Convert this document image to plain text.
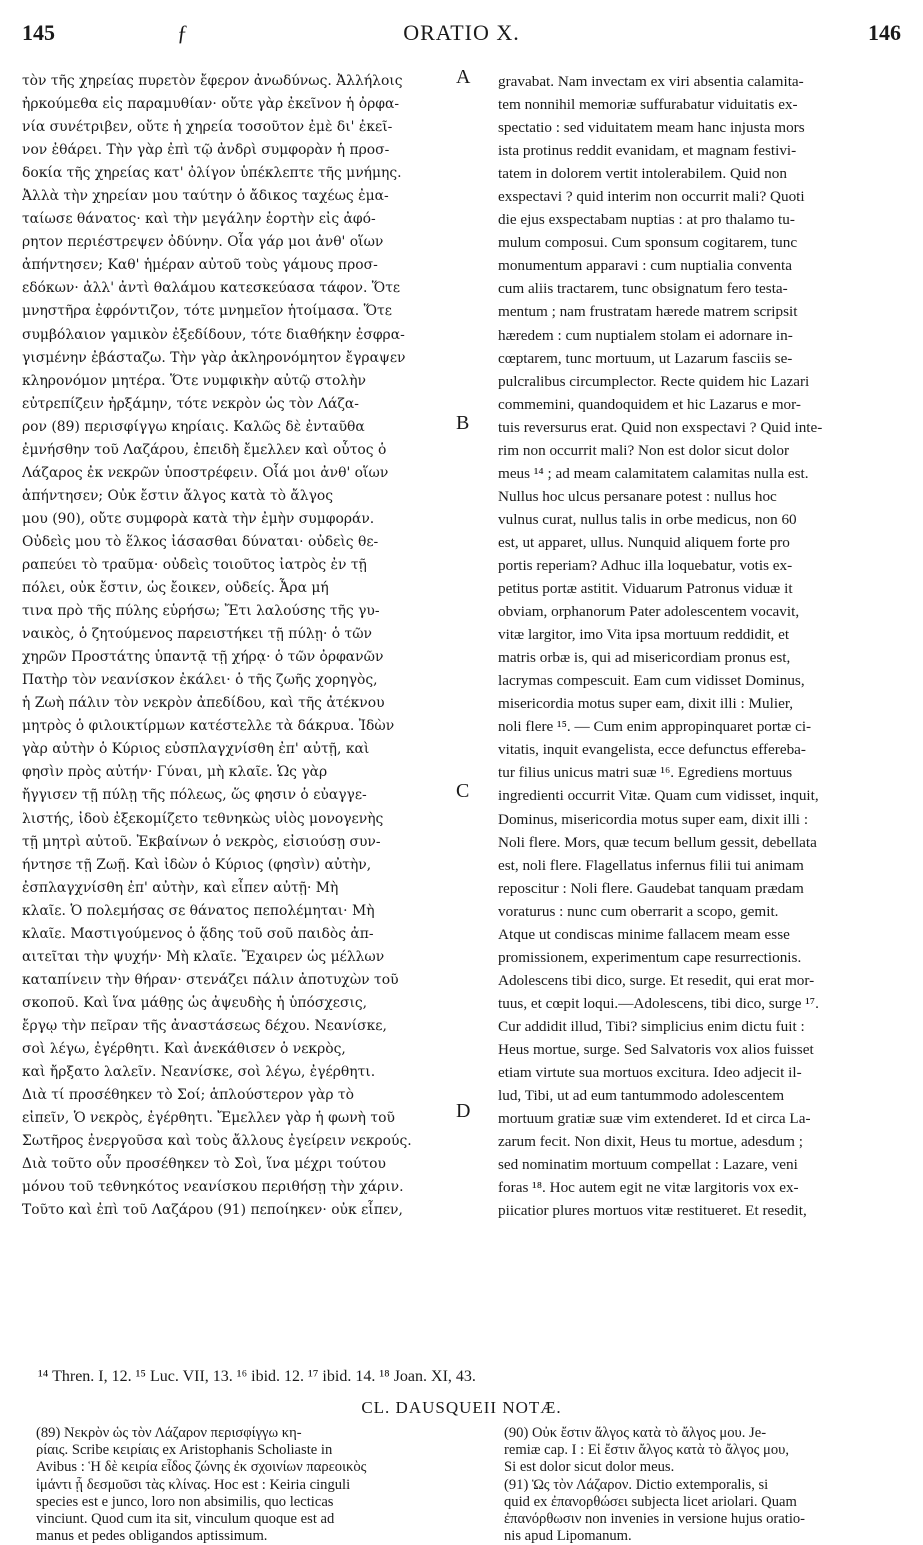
145	ƒ	ORATIO X.	146
τὸν τῆς χηρείας πυρετὸν ἔφερον ἀνωδύνως. Ἀλλήλοις
ἠρκούμεθα εἰς παραμυθίαν· οὔτε γὰρ ἐκεῖνον ἡ ὀρφα-
νία συνέτριβεν, οὔτε ἡ χηρεία τοσοῦτον ἐμὲ δι' ἐκεῖ-
νον ἐθάρει. Τὴν γὰρ ἐπὶ τῷ ἀνδρὶ συμφορὰν ἡ προσ-
δοκία τῆς χηρείας κατ' ὀλίγον ὑπέκλεπτε τῆς μνήμης.
Ἀλλὰ τὴν χηρείαν μου ταύτην ὁ ἄδικος ταχέως ἐμα-
ταίωσε θάνατος· καὶ τὴν μεγάλην ἑορτὴν εἰς ἀφό-
ρητον περιέστρεψεν ὀδύνην. Οἷα γάρ μοι ἀνθ' οἵων
ἀπήντησεν; Καθ' ἡμέραν αὐτοῦ τοὺς γάμους προσ-
εδόκων· ἀλλ' ἀντὶ θαλάμου κατεσκεύασα τάφον. Ὅτε
μνηστῆρα ἐφρόντιζον, τότε μνημεῖον ἡτοίμασα. Ὅτε
συμβόλαιον γαμικὸν ἐξεδίδουν, τότε διαθήκην ἐσφρα-
γισμένην ἐβάσταζω. Τὴν γὰρ ἀκληρονόμητον ἔγραψεν
κληρονόμον μητέρα. Ὅτε νυμφικὴν αὐτῷ στολὴν
εὐτρεπίζειν ἠρξάμην, τότε νεκρὸν ὡς τὸν Λάζα-
ρον (89) περισφίγγω κηρίαις. Καλῶς δὲ ἐνταῦθα
ἐμνήσθην τοῦ Λαζάρου, ἐπειδὴ ἔμελλεν καὶ οὗτος ὁ
Λάζαρος ἐκ νεκρῶν ὑποστρέφειν. Οἷά μοι ἀνθ' οἵων
ἀπήντησεν; Οὐκ ἔστιν ἄλγος κατὰ τὸ ἄλγος
μου (90), οὔτε συμφορὰ κατὰ τὴν ἐμὴν συμφοράν.
Οὐδεὶς μου τὸ ἕλκος ἰάσασθαι δύναται· οὐδεὶς θε-
ραπεύει τὸ τραῦμα· οὐδεὶς τοιοῦτος ἰατρὸς ἐν τῇ
πόλει, οὐκ ἔστιν, ὡς ἔοικεν, οὐδείς. Ἆρα μή
τινα πρὸ τῆς πύλης εὑρήσω; Ἔτι λαλούσης τῆς γυ-
ναικὸς, ὁ ζητούμενος παρειστήκει τῇ πύλῃ· ὁ τῶν
χηρῶν Προστάτης ὑπαντᾷ τῇ χήρᾳ· ὁ τῶν ὀρφανῶν
Πατὴρ τὸν νεανίσκον ἐκάλει· ὁ τῆς ζωῆς χορηγὸς,
ἡ Ζωὴ πάλιν τὸν νεκρὸν ἀπεδίδου, καὶ τῆς ἀτέκνου
μητρὸς ὁ φιλοικτίρμων κατέστελλε τὰ δάκρυα. Ἰδὼν
γὰρ αὐτὴν ὁ Κύριος εὐσπλαγχνίσθη ἐπ' αὐτῇ, καὶ
φησὶν πρὸς αὐτήν· Γύναι, μὴ κλαῖε. Ὡς γὰρ
ἤγγισεν τῇ πύλῃ τῆς πόλεως, ὥς φησιν ὁ εὐαγγε-
λιστής, ἰδοὺ ἐξεκομίζετο τεθνηκὼς υἱὸς μονογενὴς
τῇ μητρὶ αὐτοῦ. Ἐκβαίνων ὁ νεκρὸς, εἰσιούσῃ συν-
ήντησε τῇ Ζωῇ. Καὶ ἰδὼν ὁ Κύριος (φησὶν) αὐτὴν,
ἐσπλαγχνίσθη ἐπ' αὐτὴν, καὶ εἶπεν αὐτῇ· Μὴ
κλαῖε. Ὁ πολεμήσας σε θάνατος πεπολέμηται· Μὴ
κλαῖε. Μαστιγούμενος ὁ ᾅδης τοῦ σοῦ παιδὸς ἀπ-
αιτεῖται τὴν ψυχήν· Μὴ κλαῖε. Ἔχαιρεν ὡς μέλλων
καταπίνειν τὴν θήραν· στενάζει πάλιν ἀποτυχὼν τοῦ
σκοποῦ. Καὶ ἵνα μάθῃς ὡς ἀψευδὴς ἡ ὑπόσχεσις,
ἔργῳ τὴν πεῖραν τῆς ἀναστάσεως δέχου. Νεανίσκε,
σοὶ λέγω, ἐγέρθητι. Καὶ ἀνεκάθισεν ὁ νεκρὸς,
καὶ ἤρξατο λαλεῖν. Νεανίσκε, σοὶ λέγω, ἐγέρθητι.
Διὰ τί προσέθηκεν τὸ Σοί; ἁπλούστερον γὰρ τὸ
εἰπεῖν, Ὁ νεκρὸς, ἐγέρθητι. Ἔμελλεν γὰρ ἡ φωνὴ τοῦ
Σωτῆρος ἐνεργοῦσα καὶ τοὺς ἄλλους ἐγείρειν νεκρούς.
Διὰ τοῦτο οὖν προσέθηκεν τὸ Σοὶ, ἵνα μέχρι τούτου
μόνου τοῦ τεθνηκότος νεανίσκου περιθήσῃ τὴν χάριν.
Τοῦτο καὶ ἐπὶ τοῦ Λαζάρου (91) πεποίηκεν· οὐκ εἶπεν,
gravabat. Nam invectam ex viri absentia calamita-
tem nonnihil memoriæ suffurabatur viduitatis ex-
spectatio : sed viduitatem meam hanc injusta mors
ista protinus reddit evanidam, et magnam festivi-
tatem in dolorem vertit intolerabilem. Quid non
exspectavi ? quid interim non occurrit mali? Quoti
die ejus exspectabam nuptias : at pro thalamo tu-
mulum composui. Cum sponsum cogitarem, tunc
monumentum apparavi : cum nuptialia conventa
cum aliis tractarem, tunc obsignatum fero testa-
mentum ; nam frustratam hærede matrem scripsit
hæredem : cum nuptialem stolam ei adornare in-
cœptarem, tunc mortuum, ut Lazarum fasciis se-
pulcralibus circumplector. Recte quidem hic Lazari
commemini, quandoquidem et hic Lazarus e mor-
tuis reversurus erat. Quid non exspectavi ? Quid inte-
rim non occurrit mali? Non est dolor sicut dolor
meus ¹⁴ ; ad meam calamitatem calamitas nulla est.
Nullus hoc ulcus persanare potest : nullus hoc
vulnus curat, nullus talis in orbe medicus, non 60
est, ut apparet, ullus. Nunquid aliquem forte pro
portis reperiam? Adhuc illa loquebatur, votis ex-
petitus portæ astitit. Viduarum Patronus viduæ it
obviam, orphanorum Pater adolescentem vocavit,
vitæ largitor, imo Vita ipsa mortuum reddidit, et
matris orbæ is, qui ad misericordiam pronus est,
lacrymas compescuit. Eam cum vidisset Dominus,
misericordia motus super eam, dixit illi : Mulier,
noli flere ¹⁵. — Cum enim appropinquaret portæ ci-
vitatis, inquit evangelista, ecce defunctus effereba-
tur filius unicus matri suæ ¹⁶. Egrediens mortuus
ingredienti occurrit Vitæ. Quam cum vidisset, inquit,
Dominus, misericordia motus super eam, dixit illi :
Noli flere. Mors, quæ tecum bellum gessit, debellata
est, noli flere. Flagellatus infernus filii tui animam
reposcitur : Noli flere. Gaudebat tanquam prædam
voraturus : nunc cum oberrarit a scopo, gemit.
Atque ut condiscas minime fallacem meam esse
promissionem, experimentum cape resurrectionis.
Adolescens tibi dico, surge. Et resedit, qui erat mor-
tuus, et cœpit loqui.—Adolescens, tibi dico, surge ¹⁷.
Cur addidit illud, Tibi? simplicius enim dictu fuit :
Heus mortue, surge. Sed Salvatoris vox alios fuisset
etiam virtute sua mortuos excitura. Ideo adjecit il-
lud, Tibi, ut ad eum tantummodo adolescentem
mortuum gratiæ suæ vim extenderet. Id et circa La-
zarum fecit. Non dixit, Heus tu mortue, adesdum ;
sed nominatim mortuum compellat : Lazare, veni
foras ¹⁸. Hoc autem egit ne vitæ largitoris vox ex-
piicatior plures mortuos vitæ restitueret. Et resedit,
A
B
C
D
¹⁴ Thren. I, 12. ¹⁵ Luc. VII, 13. ¹⁶ ibid. 12. ¹⁷ ibid. 14. ¹⁸ Joan. XI, 43.
CL. DAUSQUEII NOTÆ.
(89) Νεκρὸν ὡς τὸν Λάζαρον περισφίγγω κη-
ρίαις. Scribe κειρίαις ex Aristophanis Scholiaste in
Avibus : Ἡ δὲ κειρία εἶδος ζώνης ἐκ σχοινίων παρεοικὸς
ἱμάντι ᾗ δεσμοῦσι τὰς κλίνας. Hoc est : Keiria cinguli
species est e junco, loro non absimilis, quo lecticas
vinciunt. Quod cum ita sit, vinculum quoque est ad
manus et pedes obligandos aptissimum.
(90) Οὐκ ἔστιν ἄλγος κατὰ τὸ ἄλγος μου. Je-
remiæ cap. I : Εἰ ἔστιν ἄλγος κατὰ τὸ ἄλγος μου,
Si est dolor sicut dolor meus.
(91) Ὡς τὸν Λάζαρον. Dictio extemporalis, si
quid ex ἐπανορθώσει subjecta licet ariolari. Quam
ἐπανόρθωσιν non invenies in versione hujus oratio-
nis apud Lipomanum.
